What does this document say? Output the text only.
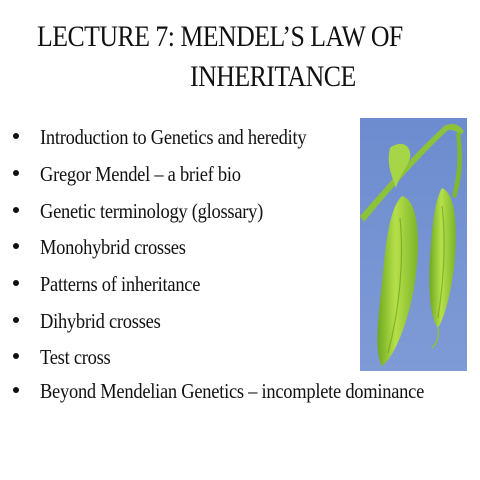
LECTURE 7: MENDEL’S LAW OF
INHERITANCE
Introduction to Genetics and heredity
Gregor Mendel – a brief bio
Genetic terminology (glossary)
Monohybrid crosses
Patterns of inheritance
Dihybrid crosses
Test cross
Beyond Mendelian Genetics – incomplete dominance
